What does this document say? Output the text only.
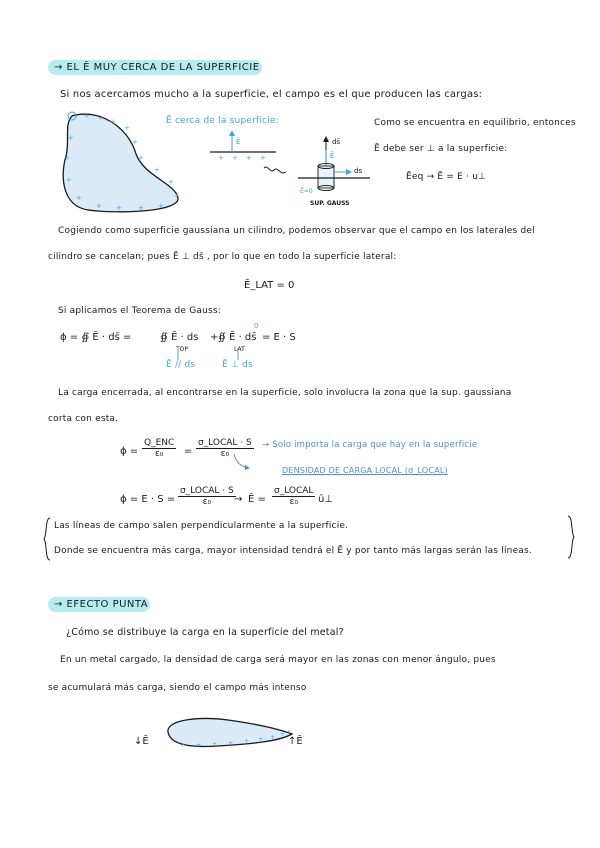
→ EL Ē MUY CERCA DE LA SUPERFICIE
Si nos acercamos mucho a la superficie, el campo es el que producen las cargas:
+ + +
+
+
+
+
+
+
+
+
+
+
+
+
+
+
Ē cerca de la superficie:
Ē
+ + + +
ds̄
Ē
ds
Ē=0
SUP. GAUSS
Como se encuentra en equilibrio, entonces
Ē debe ser ⊥ a la superficie:
Ēeq → Ē = E · u⊥
Cogiendo como superficie gaussiana un cilindro, podemos observar que el campo en los laterales del
cilindro se cancelan; pues Ē ⊥ ds̄ , por lo que en todo la superficie lateral:
Ē_LAT = 0
Si aplicamos el Teorema de Gauss:
ϕ = ∯ Ē · ds̄ =	∯ Ē · ds
TOP
+ ∯ Ē · ds̄
LAT
0
= E · S
Ē // ds	Ē ⊥ ds
La carga encerrada, al encontrarse en la superficie, solo involucra la zona que la sup. gaussiana
corta con esta.
ϕ =
Q_ENC
ε₀	=
σ_LOCAL · S
ε₀
→ Solo importa la carga que hay en la superficie
DENSIDAD DE CARGA LOCAL (σ_LOCAL)
ϕ = E · S =
σ_LOCAL · S
ε₀	→ Ē =
σ_LOCAL
ε₀	ū⊥
Las líneas de campo salen perpendicularmente a la superficie.
Donde se encuentra más carga, mayor intensidad tendrá el Ē y por tanto más largas serán las líneas.
→ EFECTO PUNTA
¿Cómo se distribuye la carga en la superficie del metal?
En un metal cargado, la densidad de carga será mayor en las zonas con menor ángulo, pues
se acumulará más carga, siendo el campo más intenso
+ + + + + + + + +
↓Ē	↑Ē
